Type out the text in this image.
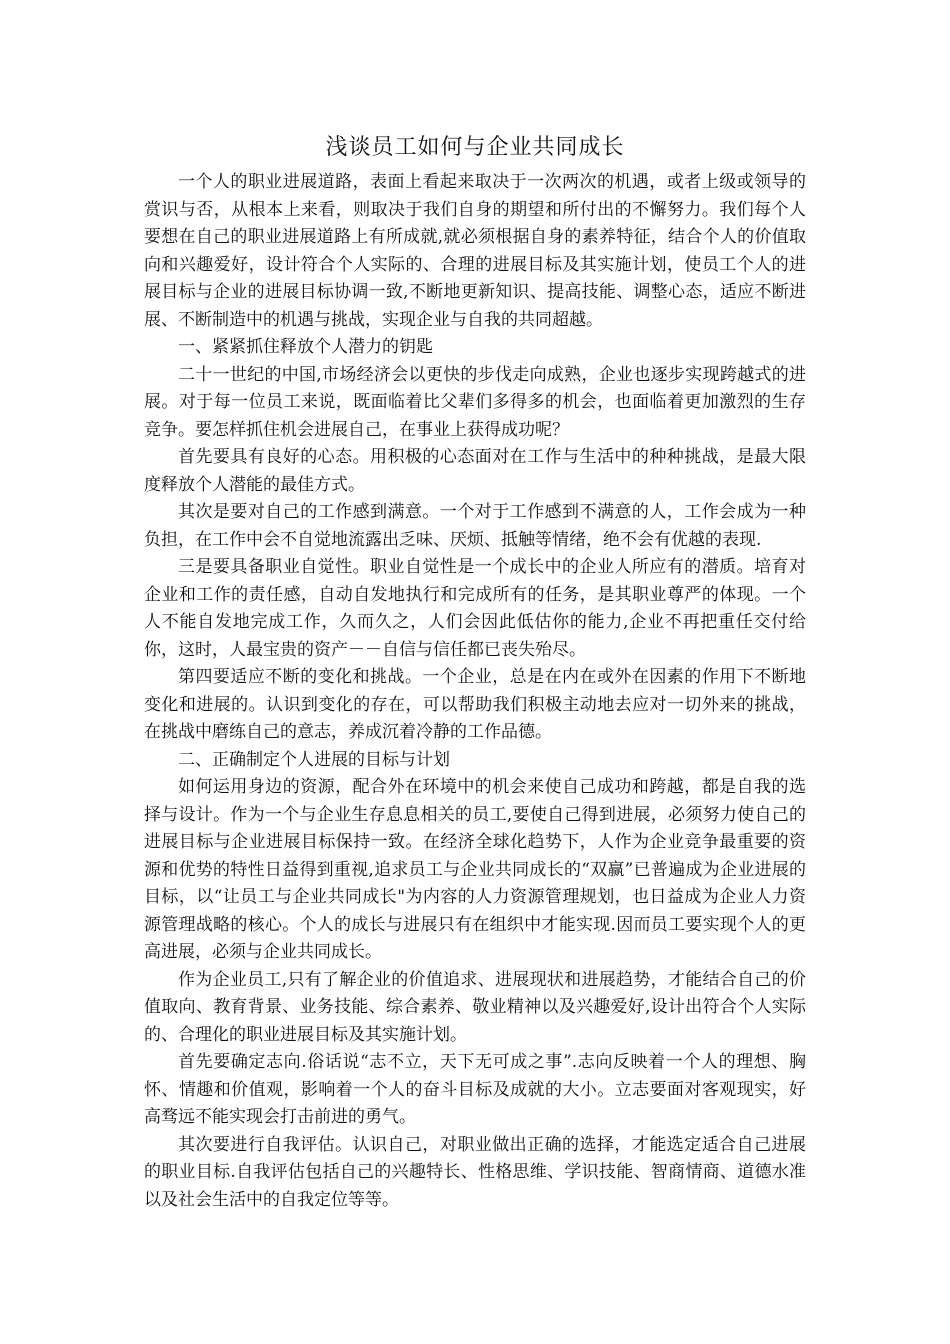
浅谈员工如何与企业共同成长

一个人的职业进展道路，表面上看起来取决于一次两次的机遇，或者上级或领导的赏识与否，从根本上来看，则取决于我们自身的期望和所付出的不懈努力。我们每个人要想在自己的职业进展道路上有所成就,就必须根据自身的素养特征，结合个人的价值取向和兴趣爱好，设计符合个人实际的、合理的进展目标及其实施计划，使员工个人的进展目标与企业的进展目标协调一致,不断地更新知识、提高技能、调整心态，适应不断进展、不断制造中的机遇与挑战，实现企业与自我的共同超越。

一、紧紧抓住释放个人潜力的钥匙

二十一世纪的中国,市场经济会以更快的步伐走向成熟，企业也逐步实现跨越式的进展。对于每一位员工来说，既面临着比父辈们多得多的机会，也面临着更加激烈的生存竞争。要怎样抓住机会进展自己，在事业上获得成功呢？

首先要具有良好的心态。用积极的心态面对在工作与生活中的种种挑战，是最大限度释放个人潜能的最佳方式。

其次是要对自己的工作感到满意。一个对于工作感到不满意的人，工作会成为一种负担，在工作中会不自觉地流露出乏味、厌烦、抵触等情绪，绝不会有优越的表现.

三是要具备职业自觉性。职业自觉性是一个成长中的企业人所应有的潜质。培育对企业和工作的责任感，自动自发地执行和完成所有的任务，是其职业尊严的体现。一个人不能自发地完成工作，久而久之，人们会因此低估你的能力,企业不再把重任交付给你，这时，人最宝贵的资产－－自信与信任都已丧失殆尽。

第四要适应不断的变化和挑战。一个企业，总是在内在或外在因素的作用下不断地变化和进展的。认识到变化的存在，可以帮助我们积极主动地去应对一切外来的挑战，在挑战中磨练自己的意志，养成沉着冷静的工作品德。

二、正确制定个人进展的目标与计划

如何运用身边的资源，配合外在环境中的机会来使自己成功和跨越，都是自我的选择与设计。作为一个与企业生存息息相关的员工,要使自己得到进展，必须努力使自己的进展目标与企业进展目标保持一致。在经济全球化趋势下，人作为企业竞争最重要的资源和优势的特性日益得到重视,追求员工与企业共同成长的“双赢”已普遍成为企业进展的目标，以“让员工与企业共同成长"为内容的人力资源管理规划，也日益成为企业人力资源管理战略的核心。个人的成长与进展只有在组织中才能实现.因而员工要实现个人的更高进展，必须与企业共同成长。

作为企业员工,只有了解企业的价值追求、进展现状和进展趋势，才能结合自己的价值取向、教育背景、业务技能、综合素养、敬业精神以及兴趣爱好,设计出符合个人实际的、合理化的职业进展目标及其实施计划。

首先要确定志向.俗话说“志不立，天下无可成之事”.志向反映着一个人的理想、胸怀、情趣和价值观，影响着一个人的奋斗目标及成就的大小。立志要面对客观现实，好高骛远不能实现会打击前进的勇气。

其次要进行自我评估。认识自己，对职业做出正确的选择，才能选定适合自己进展的职业目标.自我评估包括自己的兴趣特长、性格思维、学识技能、智商情商、道德水准以及社会生活中的自我定位等等。
